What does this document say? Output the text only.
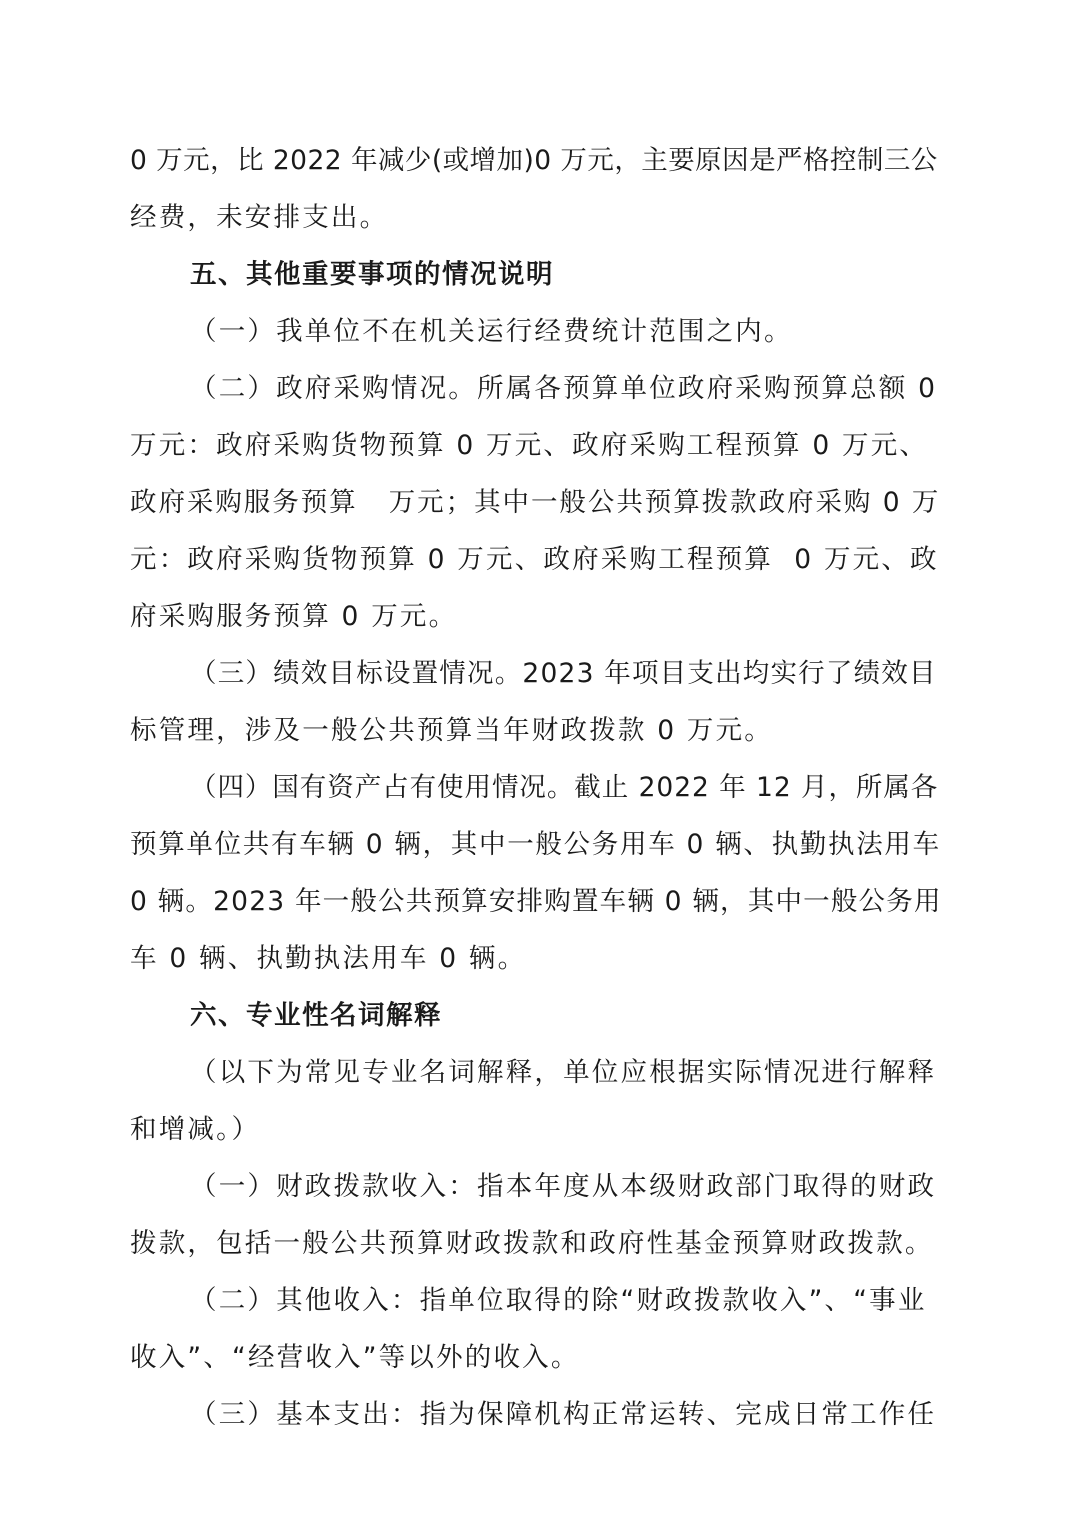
0 万元，比 2022 年减少(或增加)0 万元，主要原因是严格控制三公
经费，未安排支出。
五、其他重要事项的情况说明
（一）我单位不在机关运行经费统计范围之内。
（二）政府采购情况。所属各预算单位政府采购预算总额 0
万元：政府采购货物预算 0 万元、政府采购工程预算 0 万元、
政府采购服务预算   万元；其中一般公共预算拨款政府采购 0 万
元：政府采购货物预算 0 万元、政府采购工程预算  0 万元、政
府采购服务预算 0 万元。
（三）绩效目标设置情况。2023 年项目支出均实行了绩效目
标管理，涉及一般公共预算当年财政拨款 0 万元。
（四）国有资产占有使用情况。截止 2022 年 12 月，所属各
预算单位共有车辆 0 辆，其中一般公务用车 0 辆、执勤执法用车
0 辆。2023 年一般公共预算安排购置车辆 0 辆，其中一般公务用
车 0 辆、执勤执法用车 0 辆。
六、专业性名词解释
（以下为常见专业名词解释，单位应根据实际情况进行解释
和增减。）
（一）财政拨款收入：指本年度从本级财政部门取得的财政
拨款，包括一般公共预算财政拨款和政府性基金预算财政拨款。
（二）其他收入：指单位取得的除“财政拨款收入”、“事业
收入”、“经营收入”等以外的收入。
（三）基本支出：指为保障机构正常运转、完成日常工作任
